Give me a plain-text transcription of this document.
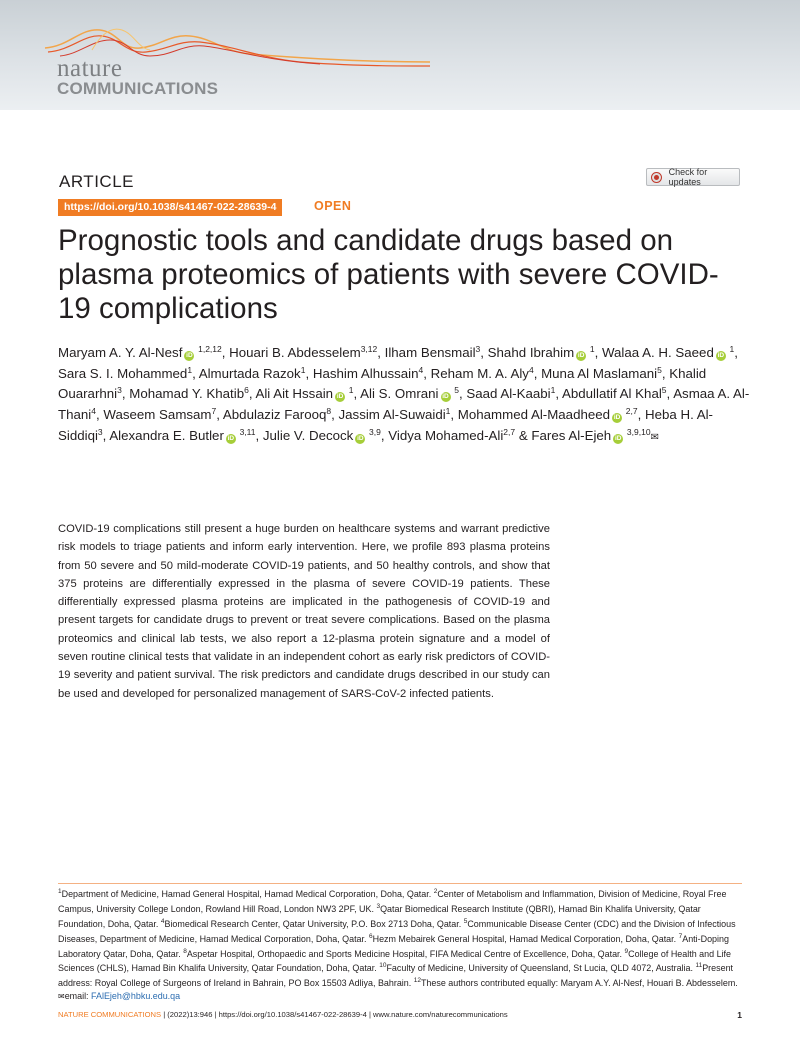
nature
COMMUNICATIONS
ARTICLE	Check for updates
https://doi.org/10.1038/s41467-022-28639-4	OPEN
Prognostic tools and candidate drugs based on plasma proteomics of patients with severe COVID-19 complications
Maryam A. Y. Al-Nesf iD $^{1,2,12}$, Houari B. Abdesselem$^{3,12}$, Ilham Bensmail$^3$, Shahd Ibrahim iD $^1$, Walaa A. H. Saeed iD $^1$, Sara S. I. Mohammed$^1$, Almurtada Razok$^1$, Hashim Alhussain$^4$, Reham M. A. Aly$^4$, Muna Al Maslamani$^5$, Khalid Ouararhni$^3$, Mohamad Y. Khatib$^6$, Ali Ait Hssain iD $^1$, Ali S. Omrani iD $^5$, Saad Al-Kaabi$^1$, Abdullatif Al Khal$^5$, Asmaa A. Al-Thani$^4$, Waseem Samsam$^7$, Abdulaziz Farooq$^8$, Jassim Al-Suwaidi$^1$, Mohammed Al-Maadheed iD $^{2,7}$, Heba H. Al-Siddiqi$^3$, Alexandra E. Butler iD $^{3,11}$, Julie V. Decock iD $^{3,9}$, Vidya Mohamed-Ali$^{2,7}$ & Fares Al-Ejeh iD $^{3,9,10}$✉

COVID-19 complications still present a huge burden on healthcare systems and warrant predictive risk models to triage patients and inform early intervention. Here, we profile 893 plasma proteins from 50 severe and 50 mild-moderate COVID-19 patients, and 50 healthy controls, and show that 375 proteins are differentially expressed in the plasma of severe COVID-19 patients. These differentially expressed plasma proteins are implicated in the pathogenesis of COVID-19 and present targets for candidate drugs to prevent or treat severe complications. Based on the plasma proteomics and clinical lab tests, we also report a 12-plasma protein signature and a model of seven routine clinical tests that validate in an independent cohort as early risk predictors of COVID-19 severity and patient survival. The risk predictors and candidate drugs described in our study can be used and developed for personalized management of SARS-CoV-2 infected patients.

$^1$Department of Medicine, Hamad General Hospital, Hamad Medical Corporation, Doha, Qatar. $^2$Center of Metabolism and Inflammation, Division of Medicine, Royal Free Campus, University College London, Rowland Hill Road, London NW3 2PF, UK. $^3$Qatar Biomedical Research Institute (QBRI), Hamad Bin Khalifa University, Qatar Foundation, Doha, Qatar. $^4$Biomedical Research Center, Qatar University, P.O. Box 2713 Doha, Qatar. $^5$Communicable Disease Center (CDC) and the Division of Infectious Diseases, Department of Medicine, Hamad Medical Corporation, Doha, Qatar. $^6$Hezm Mebairek General Hospital, Hamad Medical Corporation, Doha, Qatar. $^7$Anti-Doping Laboratory Qatar, Doha, Qatar. $^8$Aspetar Hospital, Orthopaedic and Sports Medicine Hospital, FIFA Medical Centre of Excellence, Doha, Qatar. $^9$College of Health and Life Sciences (CHLS), Hamad Bin Khalifa University, Qatar Foundation, Doha, Qatar. $^{10}$Faculty of Medicine, University of Queensland, St Lucia, QLD 4072, Australia. $^{11}$Present address: Royal College of Surgeons of Ireland in Bahrain, PO Box 15503 Adliya, Bahrain. $^{12}$These authors contributed equally: Maryam A.Y. Al-Nesf, Houari B. Abdesselem. ✉email: FAlEjeh@hbku.edu.qa

NATURE COMMUNICATIONS | (2022)13:946 | https://doi.org/10.1038/s41467-022-28639-4 | www.nature.com/naturecommunications	1
